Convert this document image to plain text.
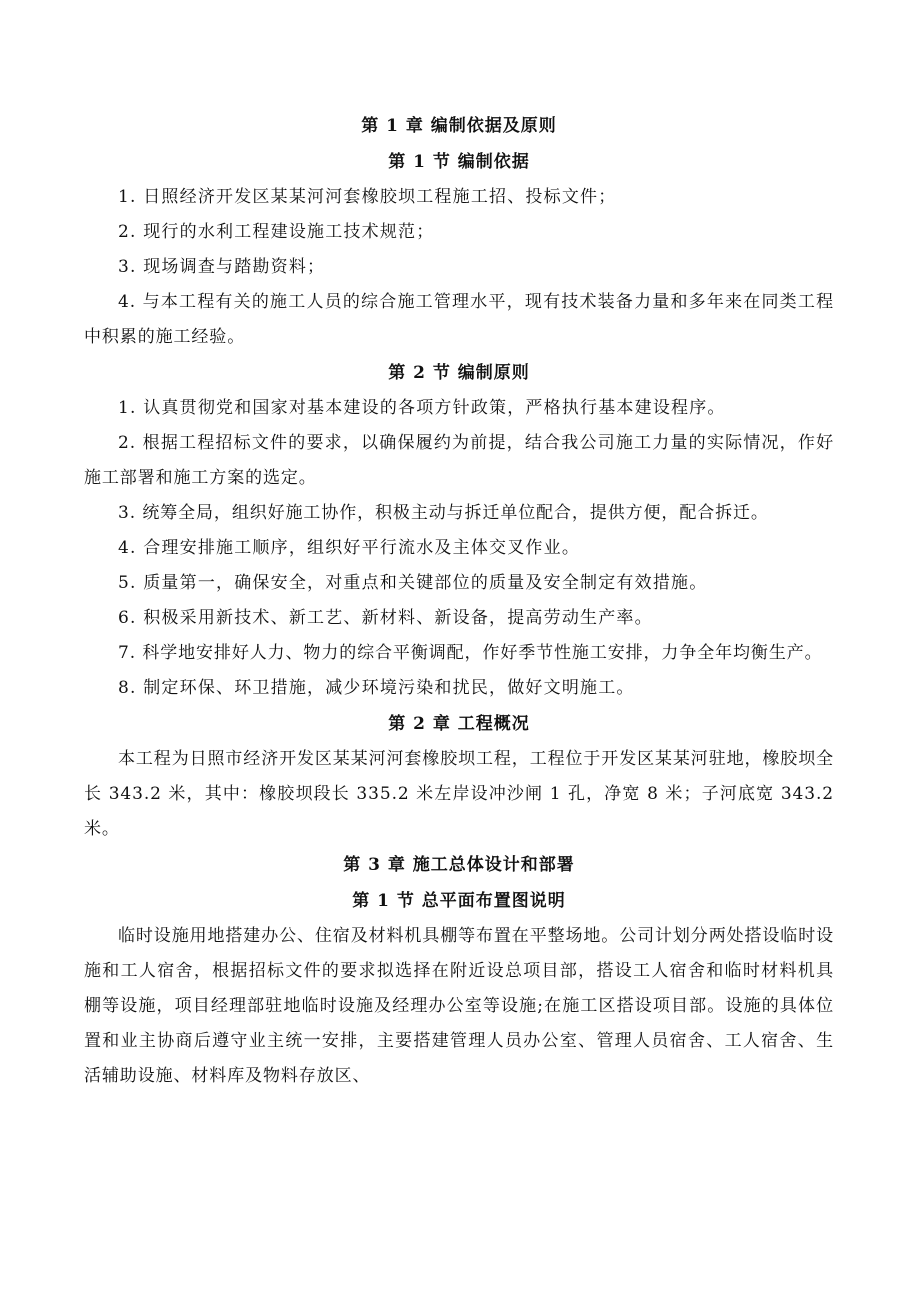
第 1 章 编制依据及原则
第 1 节 编制依据

1. 日照经济开发区某某河河套橡胶坝工程施工招、投标文件；

2. 现行的水利工程建设施工技术规范；

3. 现场调查与踏勘资料；

4. 与本工程有关的施工人员的综合施工管理水平，现有技术装备力量和多年来在同类工程中积累的施工经验。

第 2 节 编制原则

1. 认真贯彻党和国家对基本建设的各项方针政策，严格执行基本建设程序。

2. 根据工程招标文件的要求，以确保履约为前提，结合我公司施工力量的实际情况，作好施工部署和施工方案的选定。

3. 统筹全局，组织好施工协作，积极主动与拆迁单位配合，提供方便，配合拆迁。

4. 合理安排施工顺序，组织好平行流水及主体交叉作业。

5. 质量第一，确保安全，对重点和关键部位的质量及安全制定有效措施。

6. 积极采用新技术、新工艺、新材料、新设备，提高劳动生产率。

7. 科学地安排好人力、物力的综合平衡调配，作好季节性施工安排，力争全年均衡生产。

8. 制定环保、环卫措施，减少环境污染和扰民，做好文明施工。

第 2 章 工程概况

本工程为日照市经济开发区某某河河套橡胶坝工程，工程位于开发区某某河驻地，橡胶坝全长 343.2 米，其中：橡胶坝段长 335.2 米左岸设冲沙闸 1 孔，净宽 8 米；子河底宽 343.2 米。

第 3 章 施工总体设计和部署
第 1 节 总平面布置图说明

临时设施用地搭建办公、住宿及材料机具棚等布置在平整场地。公司计划分两处搭设临时设施和工人宿舍，根据招标文件的要求拟选择在附近设总项目部，搭设工人宿舍和临时材料机具棚等设施，项目经理部驻地临时设施及经理办公室等设施;在施工区搭设项目部。设施的具体位置和业主协商后遵守业主统一安排，主要搭建管理人员办公室、管理人员宿舍、工人宿舍、生活辅助设施、材料库及物料存放区、
